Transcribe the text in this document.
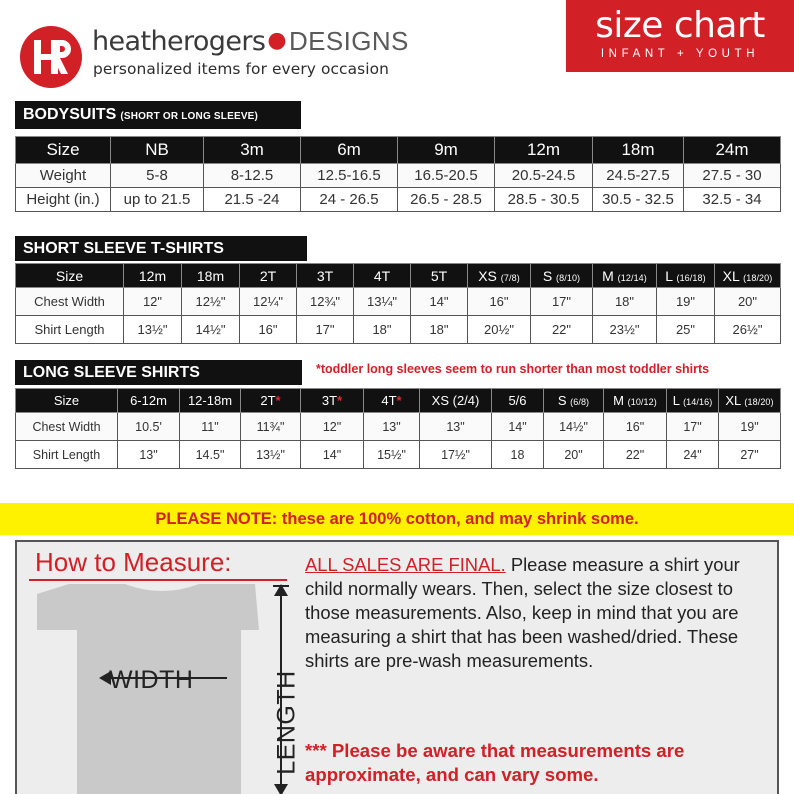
heatherogers● DESIGNS
personalized items for every occasion
size chart
INFANT + YOUTH
BODYSUITS (SHORT OR LONG SLEEVE)
Size	NB	3m	6m	9m	12m	18m	24m
Weight	5-8	8-12.5	12.5-16.5	16.5-20.5	20.5-24.5	24.5-27.5	27.5 - 30
Height (in.)	up to 21.5	21.5 -24	24 - 26.5	26.5 - 28.5	28.5 - 30.5	30.5 - 32.5	32.5 - 34
SHORT SLEEVE T-SHIRTS
Size	12m	18m	2T	3T	4T	5T	XS (7/8)	S (8/10)	M (12/14)	L (16/18)	XL (18/20)
Chest Width	12"	12½"	12¼"	12¾"	13¼"	14"	16"	17"	18"	19"	20"
Shirt Length	13½"	14½"	16"	17"	18"	18"	20½"	22"	23½"	25"	26½"
LONG SLEEVE SHIRTS	*toddler long sleeves seem to run shorter than most toddler shirts
Size	6-12m	12-18m	2T*	3T*	4T*	XS (2/4)	5/6	S (6/8)	M (10/12)	L (14/16)	XL (18/20)
Chest Width	10.5'	11"	11¾"	12"	13"	13"	14"	14½"	16"	17"	19"
Shirt Length	13"	14.5"	13½"	14"	15½"	17½"	18	20"	22"	24"	27"
PLEASE NOTE: these are 100% cotton, and may shrink some.
How to Measure:
WIDTH	LENGTH
ALL SALES ARE FINAL. Please measure a shirt your child normally wears. Then, select the size closest to those measurements. Also, keep in mind that you are measuring a shirt that has been washed/dried. These shirts are pre-wash measurements.
*** Please be aware that measurements are approximate, and can vary some.
